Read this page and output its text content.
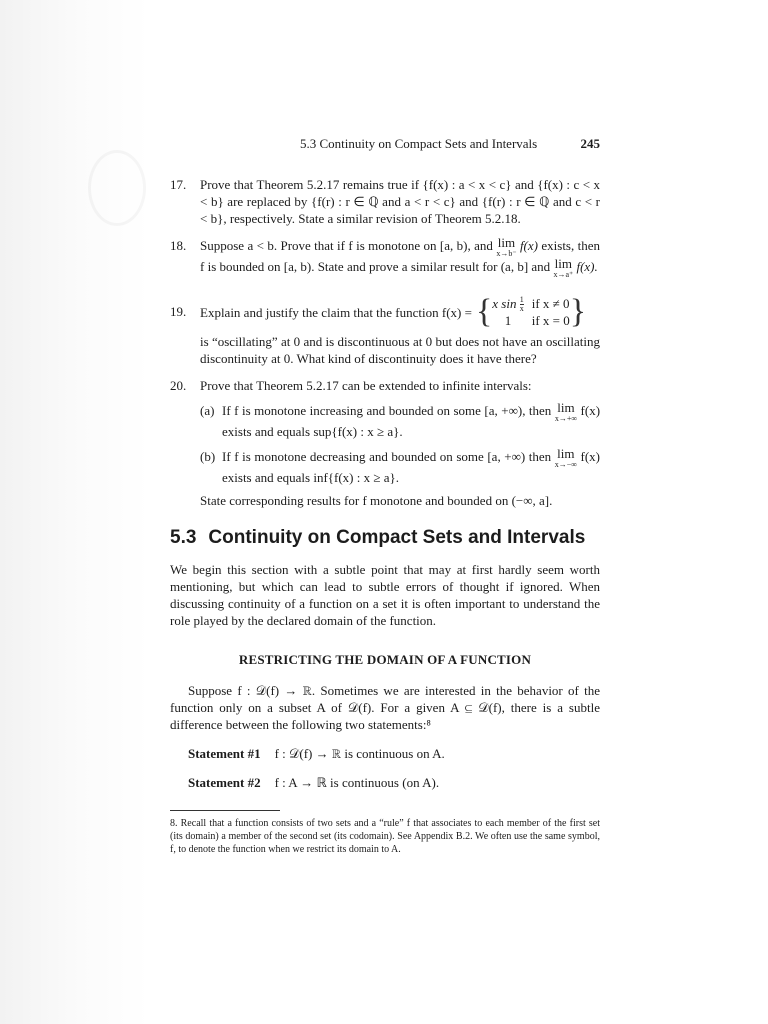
5.3 Continuity on Compact Sets and Intervals	245
17.	Prove that Theorem 5.2.17 remains true if {f(x) : a < x < c} and {f(x) : c < x < b} are replaced by {f(r) : r ∈ ℚ and a < r < c} and {f(r) : r ∈ ℚ and c < r < b}, respectively. State a similar revision of Theorem 5.2.18.
18.	Suppose a < b. Prove that if f is monotone on [a, b), and lim
x→b⁻
f(x) exists, then f is bounded on [a, b). State and prove a similar result for (a, b] and lim
x→a⁺
f(x).
19.	Explain and justify the claim that the function f(x) = { x $\sin \frac{1}{x}$ if x ≠ 0
1	if x = 0 }
is “oscillating” at 0 and is discontinuous at 0 but does not have an oscillating discontinuity at 0. What kind of discontinuity does it have there?
20.	Prove that Theorem 5.2.17 can be extended to infinite intervals:
(a) If f is monotone increasing and bounded on some [a, +∞), then lim
x→+∞
f(x) exists and equals sup{f(x) : x ≥ a}.
(b) If f is monotone decreasing and bounded on some [a, +∞) then lim
x→−∞
f(x) exists and equals inf{f(x) : x ≥ a}.
State corresponding results for f monotone and bounded on (−∞, a].
5.3 Continuity on Compact Sets and Intervals
We begin this section with a subtle point that may at first hardly seem worth mentioning, but which can lead to subtle errors of thought if ignored. When discussing continuity of a function on a set it is often important to understand the role played by the declared domain of the function.
RESTRICTING THE DOMAIN OF A FUNCTION
Suppose f : 𝒟(f) → ℝ. Sometimes we are interested in the behavior of the function only on a subset A of 𝒟(f). For a given A ⊆ 𝒟(f), there is a subtle difference between the following two statements:⁸
Statement #1 f : 𝒟(f) → ℝ is continuous on A.
Statement #2 f : A → ℝ is continuous (on A).
8. Recall that a function consists of two sets and a “rule” f that associates to each member of the first set (its domain) a member of the second set (its codomain). See Appendix B.2. We often use the same symbol, f, to denote the function when we restrict its domain to A.
